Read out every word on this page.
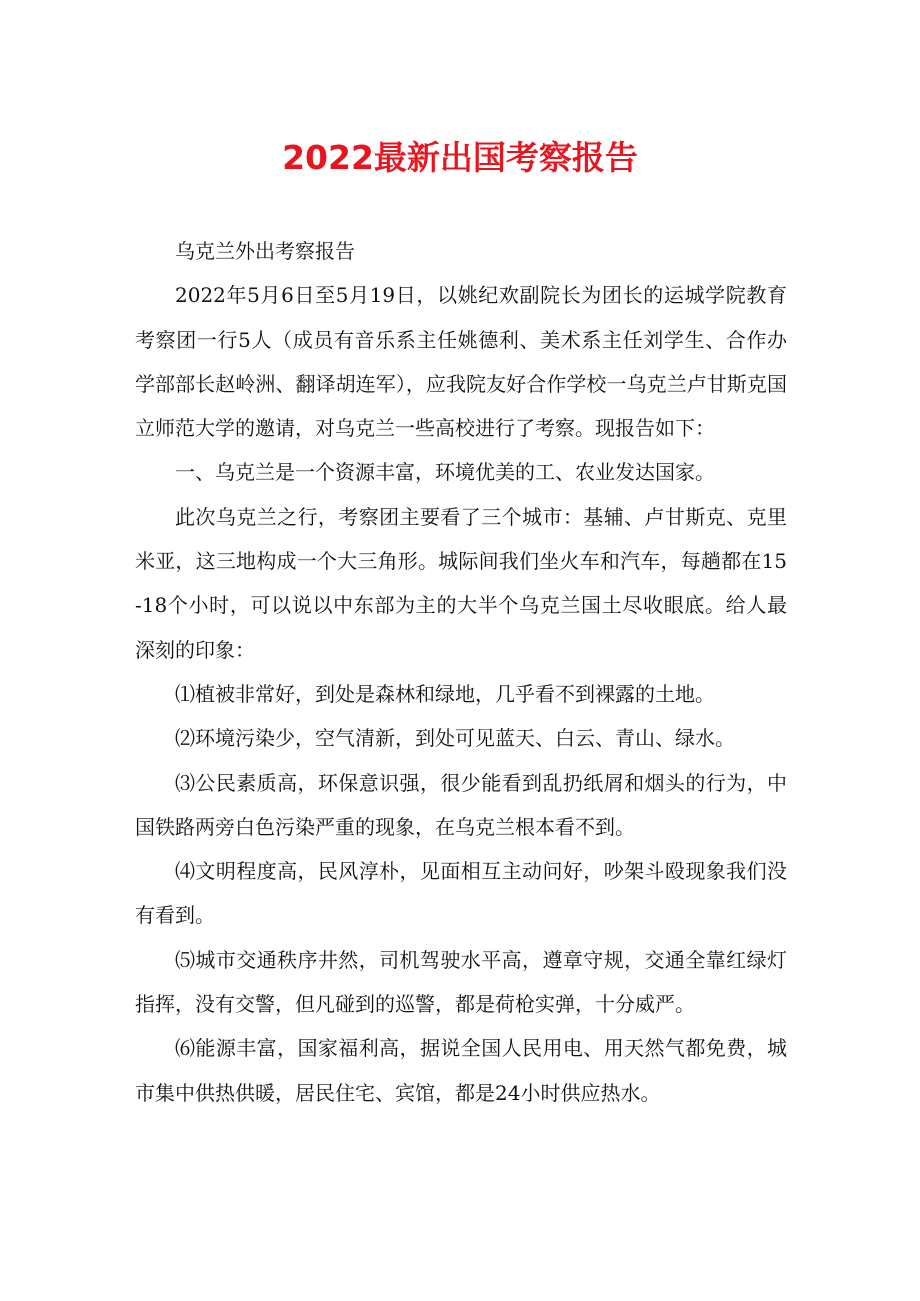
2022最新出国考察报告

乌克兰外出考察报告

2022年5月6日至5月19日，以姚纪欢副院长为团长的运城学院教育考察团一行5人（成员有音乐系主任姚德利、美术系主任刘学生、合作办学部部长赵岭洲、翻译胡连军），应我院友好合作学校一乌克兰卢甘斯克国立师范大学的邀请，对乌克兰一些高校进行了考察。现报告如下：

一、乌克兰是一个资源丰富，环境优美的工、农业发达国家。

此次乌克兰之行，考察团主要看了三个城市：基辅、卢甘斯克、克里米亚，这三地构成一个大三角形。城际间我们坐火车和汽车，每趟都在15-18个小时，可以说以中东部为主的大半个乌克兰国土尽收眼底。给人最深刻的印象：

⑴植被非常好，到处是森林和绿地，几乎看不到裸露的土地。

⑵环境污染少，空气清新，到处可见蓝天、白云、青山、绿水。

⑶公民素质高，环保意识强，很少能看到乱扔纸屑和烟头的行为，中国铁路两旁白色污染严重的现象，在乌克兰根本看不到。

⑷文明程度高，民风淳朴，见面相互主动问好，吵架斗殴现象我们没有看到。

⑸城市交通秩序井然，司机驾驶水平高，遵章守规，交通全靠红绿灯指挥，没有交警，但凡碰到的巡警，都是荷枪实弹，十分威严。

⑹能源丰富，国家福利高，据说全国人民用电、用天然气都免费，城市集中供热供暖，居民住宅、宾馆，都是24小时供应热水。
